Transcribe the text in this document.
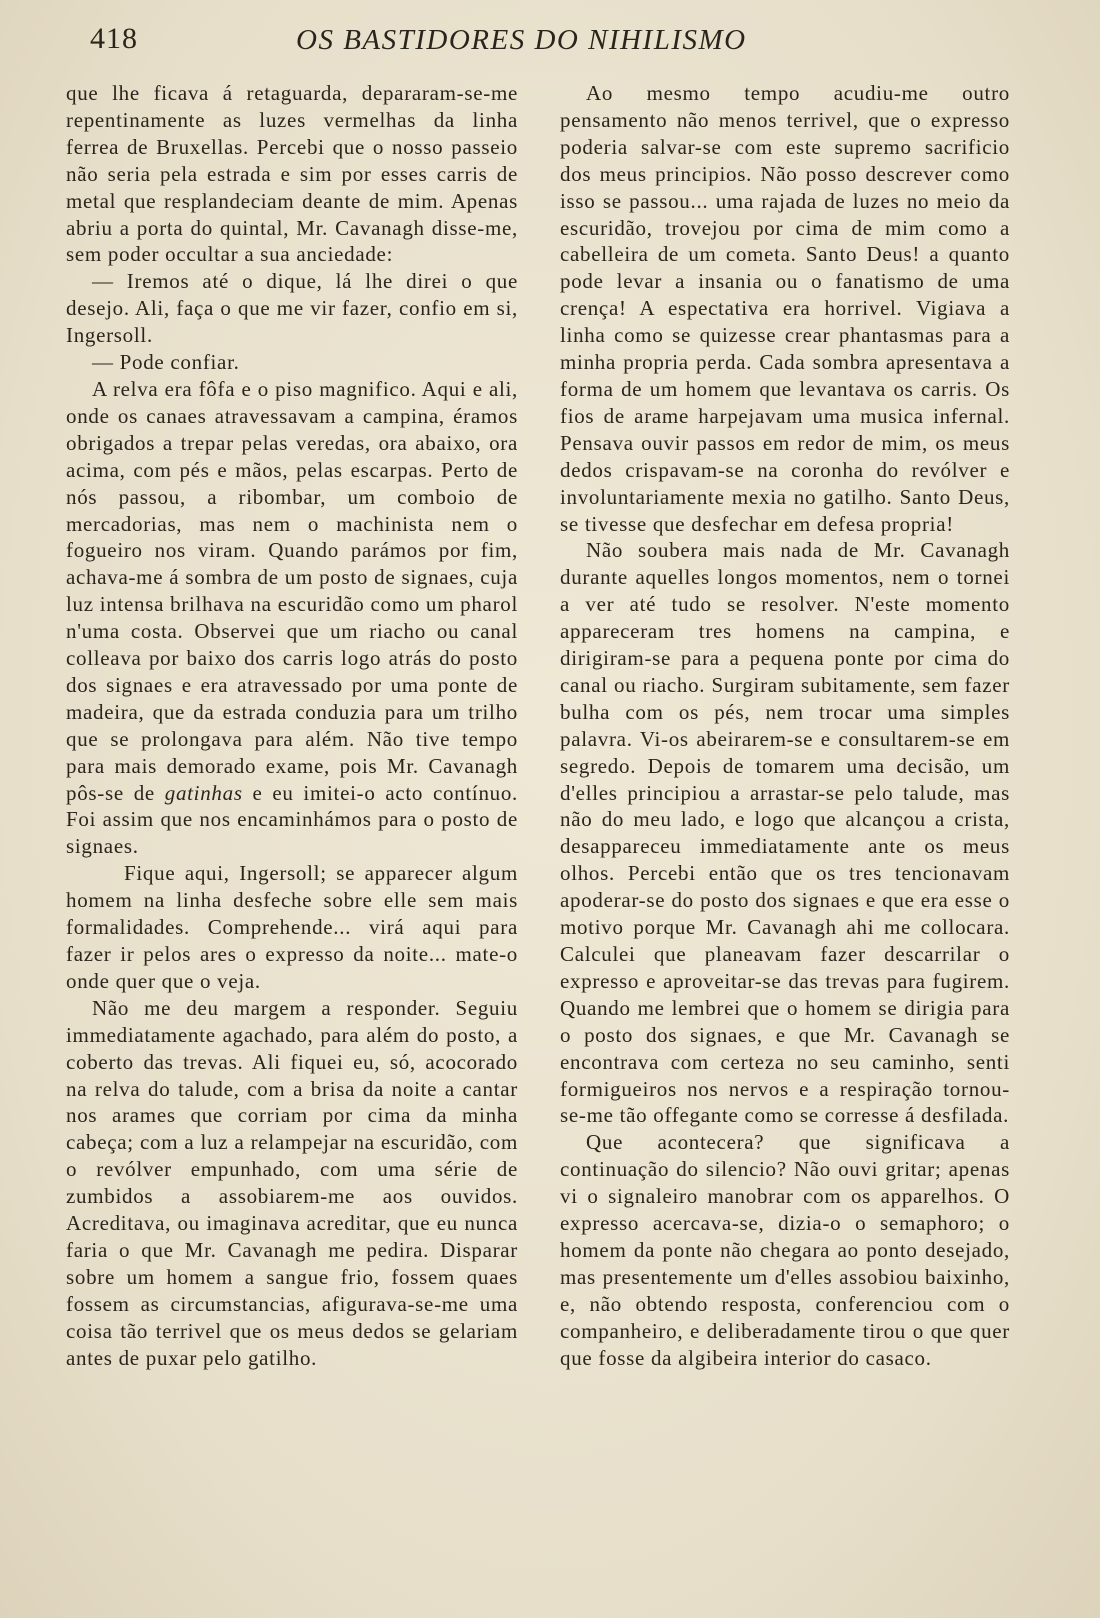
418	OS BASTIDORES DO NIHILISMO

que lhe ficava á retaguarda, depararam-se-me repentinamente as luzes vermelhas da linha ferrea de Bruxellas. Percebi que o nosso passeio não seria pela estrada e sim por esses carris de metal que resplandeciam deante de mim. Apenas abriu a porta do quintal, Mr. Cavanagh disse-me, sem poder occultar a sua anciedade:

— Iremos até o dique, lá lhe direi o que desejo. Ali, faça o que me vir fazer, confio em si, Ingersoll.

— Pode confiar.

A relva era fôfa e o piso magnifico. Aqui e ali, onde os canaes atravessavam a campina, éramos obrigados a trepar pelas veredas, ora abaixo, ora acima, com pés e mãos, pelas escarpas. Perto de nós passou, a ribombar, um comboio de mercadorias, mas nem o machinista nem o fogueiro nos viram. Quando parámos por fim, achava-me á sombra de um posto de signaes, cuja luz intensa brilhava na escuridão como um pharol n'uma costa. Observei que um riacho ou canal colleava por baixo dos carris logo atrás do posto dos signaes e era atravessado por uma ponte de madeira, que da estrada conduzia para um trilho que se prolongava para além. Não tive tempo para mais demorado exame, pois Mr. Cavanagh pôs-se de gatinhas e eu imitei-o acto contínuo. Foi assim que nos encaminhámos para o posto de signaes.

Fique aqui, Ingersoll; se apparecer algum homem na linha desfeche sobre elle sem mais formalidades. Comprehende... virá aqui para fazer ir pelos ares o expresso da noite... mate-o onde quer que o veja.

Não me deu margem a responder. Seguiu immediatamente agachado, para além do posto, a coberto das trevas. Ali fiquei eu, só, acocorado na relva do talude, com a brisa da noite a cantar nos arames que corriam por cima da minha cabeça; com a luz a relampejar na escuridão, com o revólver empunhado, com uma série de zumbidos a assobiarem-me aos ouvidos. Acreditava, ou imaginava acreditar, que eu nunca faria o que Mr. Cavanagh me pedira. Disparar sobre um homem a sangue frio, fossem quaes fossem as circumstancias, afigurava-se-me uma coisa tão terrivel que os meus dedos se gelariam antes de puxar pelo gatilho.

Ao mesmo tempo acudiu-me outro pensamento não menos terrivel, que o expresso poderia salvar-se com este supremo sacrificio dos meus principios. Não posso descrever como isso se passou... uma rajada de luzes no meio da escuridão, trovejou por cima de mim como a cabelleira de um cometa. Santo Deus! a quanto pode levar a insania ou o fanatismo de uma crença! A espectativa era horrivel. Vigiava a linha como se quizesse crear phantasmas para a minha propria perda. Cada sombra apresentava a forma de um homem que levantava os carris. Os fios de arame harpejavam uma musica infernal. Pensava ouvir passos em redor de mim, os meus dedos crispavam-se na coronha do revólver e involuntariamente mexia no gatilho. Santo Deus, se tivesse que desfechar em defesa propria!

Não soubera mais nada de Mr. Cavanagh durante aquelles longos momentos, nem o tornei a ver até tudo se resolver. N'este momento appareceram tres homens na campina, e dirigiram-se para a pequena ponte por cima do canal ou riacho. Surgiram subitamente, sem fazer bulha com os pés, nem trocar uma simples palavra. Vi-os abeirarem-se e consultarem-se em segredo. Depois de tomarem uma decisão, um d'elles principiou a arrastar-se pelo talude, mas não do meu lado, e logo que alcançou a crista, desappareceu immediatamente ante os meus olhos. Percebi então que os tres tencionavam apoderar-se do posto dos signaes e que era esse o motivo porque Mr. Cavanagh ahi me collocara. Calculei que planeavam fazer descarrilar o expresso e aproveitar-se das trevas para fugirem. Quando me lembrei que o homem se dirigia para o posto dos signaes, e que Mr. Cavanagh se encontrava com certeza no seu caminho, senti formigueiros nos nervos e a respiração tornou-se-me tão offegante como se corresse á desfilada.

Que acontecera? que significava a continuação do silencio? Não ouvi gritar; apenas vi o signaleiro manobrar com os apparelhos. O expresso acercava-se, dizia-o o semaphoro; o homem da ponte não chegara ao ponto desejado, mas presentemente um d'elles assobiou baixinho, e, não obtendo resposta, conferenciou com o companheiro, e deliberadamente tirou o que quer que fosse da algibeira interior do casaco.
